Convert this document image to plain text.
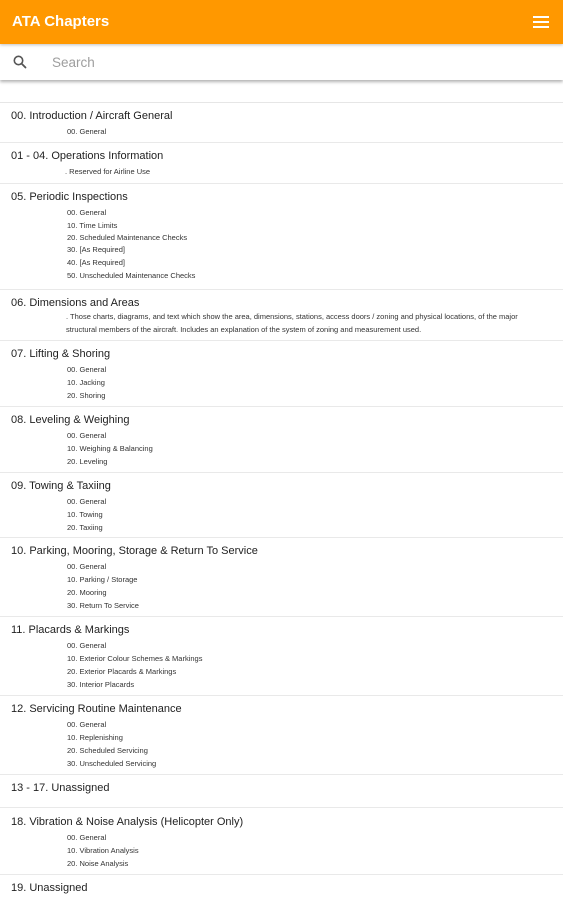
ATA Chapters
Search
00. Introduction / Aircraft General
00. General
01 - 04. Operations Information
. Reserved for Airline Use
05. Periodic Inspections
00. General
10. Time Limits
20. Scheduled Maintenance Checks
30. [As Required]
40. [As Required]
50. Unscheduled Maintenance Checks
06. Dimensions and Areas
. Those charts, diagrams, and text which show the area, dimensions, stations, access doors / zoning and physical locations, of the major structural members of the aircraft. Includes an explanation of the system of zoning and measurement used.
07. Lifting & Shoring
00. General
10. Jacking
20. Shoring
08. Leveling & Weighing
00. General
10. Weighing & Balancing
20. Leveling
09. Towing & Taxiing
00. General
10. Towing
20. Taxiing
10. Parking, Mooring, Storage & Return To Service
00. General
10. Parking / Storage
20. Mooring
30. Return To Service
11. Placards & Markings
00. General
10. Exterior Colour Schemes & Markings
20. Exterior Placards & Markings
30. Interior Placards
12. Servicing Routine Maintenance
00. General
10. Replenishing
20. Scheduled Servicing
30. Unscheduled Servicing
13 - 17. Unassigned
18. Vibration & Noise Analysis (Helicopter Only)
00. General
10. Vibration Analysis
20. Noise Analysis
19. Unassigned
